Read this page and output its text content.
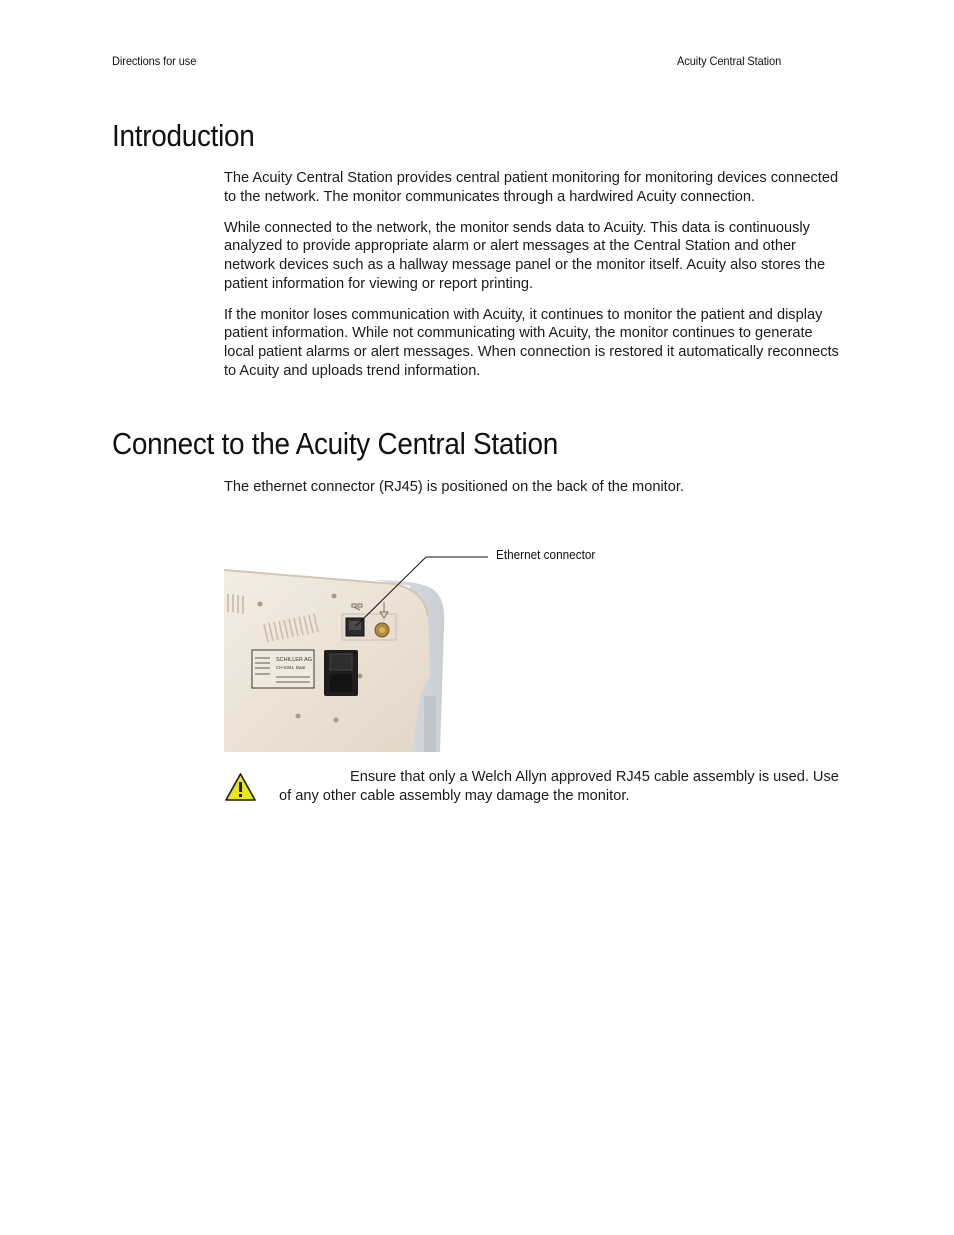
Directions for use	Acuity Central Station
Introduction

The Acuity Central Station provides central patient monitoring for monitoring devices connected to the network. The monitor communicates through a hardwired Acuity connection.

While connected to the network, the monitor sends data to Acuity. This data is continuously analyzed to provide appropriate alarm or alert messages at the Central Station and other network devices such as a hallway message panel or the monitor itself. Acuity also stores the patient information for viewing or report printing.

If the monitor loses communication with Acuity, it continues to monitor the patient and display patient information. While not communicating with Acuity, the monitor continues to generate local patient alarms or alert messages. When connection is restored it automatically reconnects to Acuity and uploads trend information.

Connect to the Acuity Central Station

The ethernet connector (RJ45) is positioned on the back of the monitor.

SCHILLER AG
CH-6341 Baar
Ethernet connector
Ensure that only a Welch Allyn approved RJ45 cable assembly is used. Use of any other cable assembly may damage the monitor.
